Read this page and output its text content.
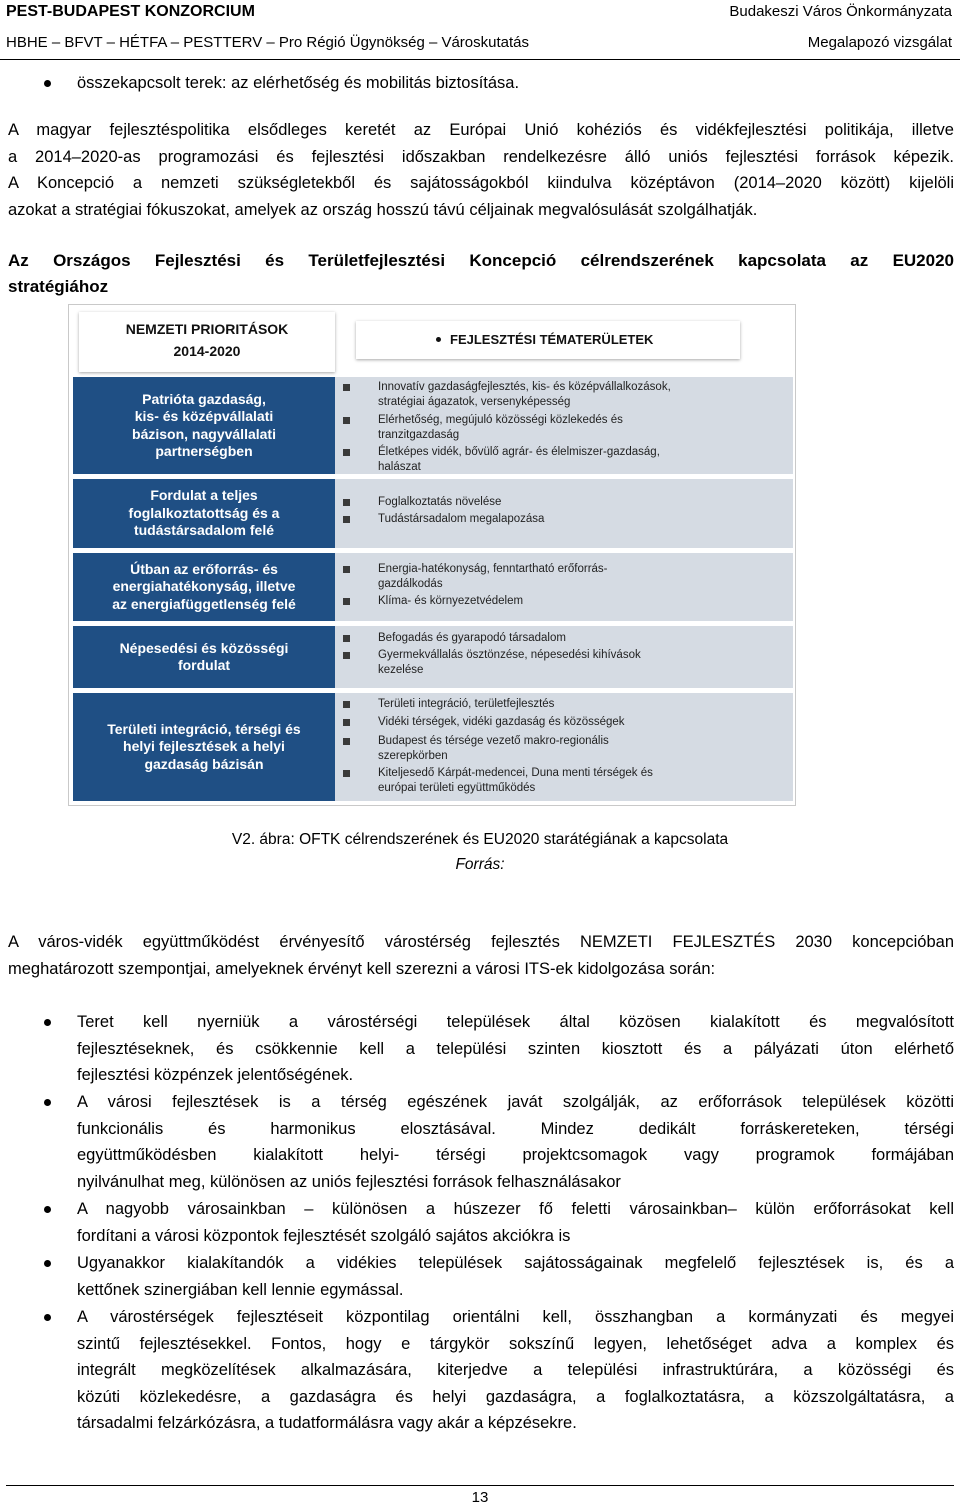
PEST-BUDAPEST KONZORCIUM
HBHE – BFVT – HÉTFA – PESTTERV – Pro Régió Ügynökség – Városkutatás
Budakeszi Város Önkormányzata
Megalapozó vizsgálat
összekapcsolt terek: az elérhetőség és mobilitás biztosítása.
A magyar fejlesztéspolitika elsődleges keretét az Európai Unió kohéziós és vidékfejlesztési politikája, illetve
a 2014–2020-as programozási és fejlesztési időszakban rendelkezésre álló uniós fejlesztési források képezik.
A Koncepció a nemzeti szükségletekből és sajátosságokból kiindulva középtávon (2014–2020 között) kijelöli
azokat a stratégiai fókuszokat, amelyek az ország hosszú távú céljainak megvalósulását szolgálhatják.
Az Országos Fejlesztési és Területfejlesztési Koncepció célrendszerének kapcsolata az EU2020
stratégiához
NEMZETI PRIORITÁSOK
2014-2020
FEJLESZTÉSI TÉMATERÜLETEK
Patrióta gazdaság,
kis- és középvállalati
bázison, nagyvállalati
partnerségben
Innovatív gazdaságfejlesztés, kis- és középvállalkozások,
stratégiai ágazatok, versenyképesség
Elérhetőség, megújuló közösségi közlekedés és
tranzitgazdaság
Életképes vidék, bővülő agrár- és élelmiszer-gazdaság,
halászat
Fordulat a teljes
foglalkoztatottság és a
tudástársadalom felé
Foglalkoztatás növelése
Tudástársadalom megalapozása
Útban az erőforrás- és
energiahatékonyság, illetve
az energiafüggetlenség felé
Energia-hatékonyság, fenntartható erőforrás-
gazdálkodás
Klíma- és környezetvédelem
Népesedési és közösségi
fordulat
Befogadás és gyarapodó társadalom
Gyermekvállalás ösztönzése, népesedési kihívások
kezelése
Területi integráció, térségi és
helyi fejlesztések a helyi
gazdaság bázisán
Területi integráció, területfejlesztés
Vidéki térségek, vidéki gazdaság és közösségek
Budapest és térsége vezető makro-regionális
szerepkörben
Kiteljesedő Kárpát-medencei, Duna menti térségek és
európai területi együttműködés
V2. ábra: OFTK célrendszerének és EU2020 starátégiának a kapcsolata
Forrás:
A város-vidék együttműködést érvényesítő várostérség fejlesztés NEMZETI FEJLESZTÉS 2030 koncepcióban
meghatározott szempontjai, amelyeknek érvényt kell szerezni a városi ITS-ek kidolgozása során:
Teret kell nyerniük a várostérségi települések által közösen kialakított és megvalósított
fejlesztéseknek, és csökkennie kell a települési szinten kiosztott és a pályázati úton elérhető
fejlesztési közpénzek jelentőségének.
A városi fejlesztések is a térség egészének javát szolgálják, az erőforrások települések közötti
funkcionális és harmonikus elosztásával. Mindez dedikált forráskereteken, térségi
együttműködésben kialakított helyi- térségi projektcsomagok vagy programok formájában
nyilvánulhat meg, különösen az uniós fejlesztési források felhasználásakor
A nagyobb városainkban – különösen a húszezer fő feletti városainkban– külön erőforrásokat kell
fordítani a városi központok fejlesztését szolgáló sajátos akciókra is
Ugyanakkor kialakítandók a vidékies települések sajátosságainak megfelelő fejlesztések is, és a
kettőnek szinergiában kell lennie egymással.
A várostérségek fejlesztéseit központilag orientálni kell, összhangban a kormányzati és megyei
szintű fejlesztésekkel. Fontos, hogy e tárgykör sokszínű legyen, lehetőséget adva a komplex és
integrált megközelítések alkalmazására, kiterjedve a települési infrastruktúrára, a közösségi és
közúti közlekedésre, a gazdaságra és helyi gazdaságra, a foglalkoztatásra, a közszolgáltatásra, a
társadalmi felzárkózásra, a tudatformálásra vagy akár a képzésekre.
13
